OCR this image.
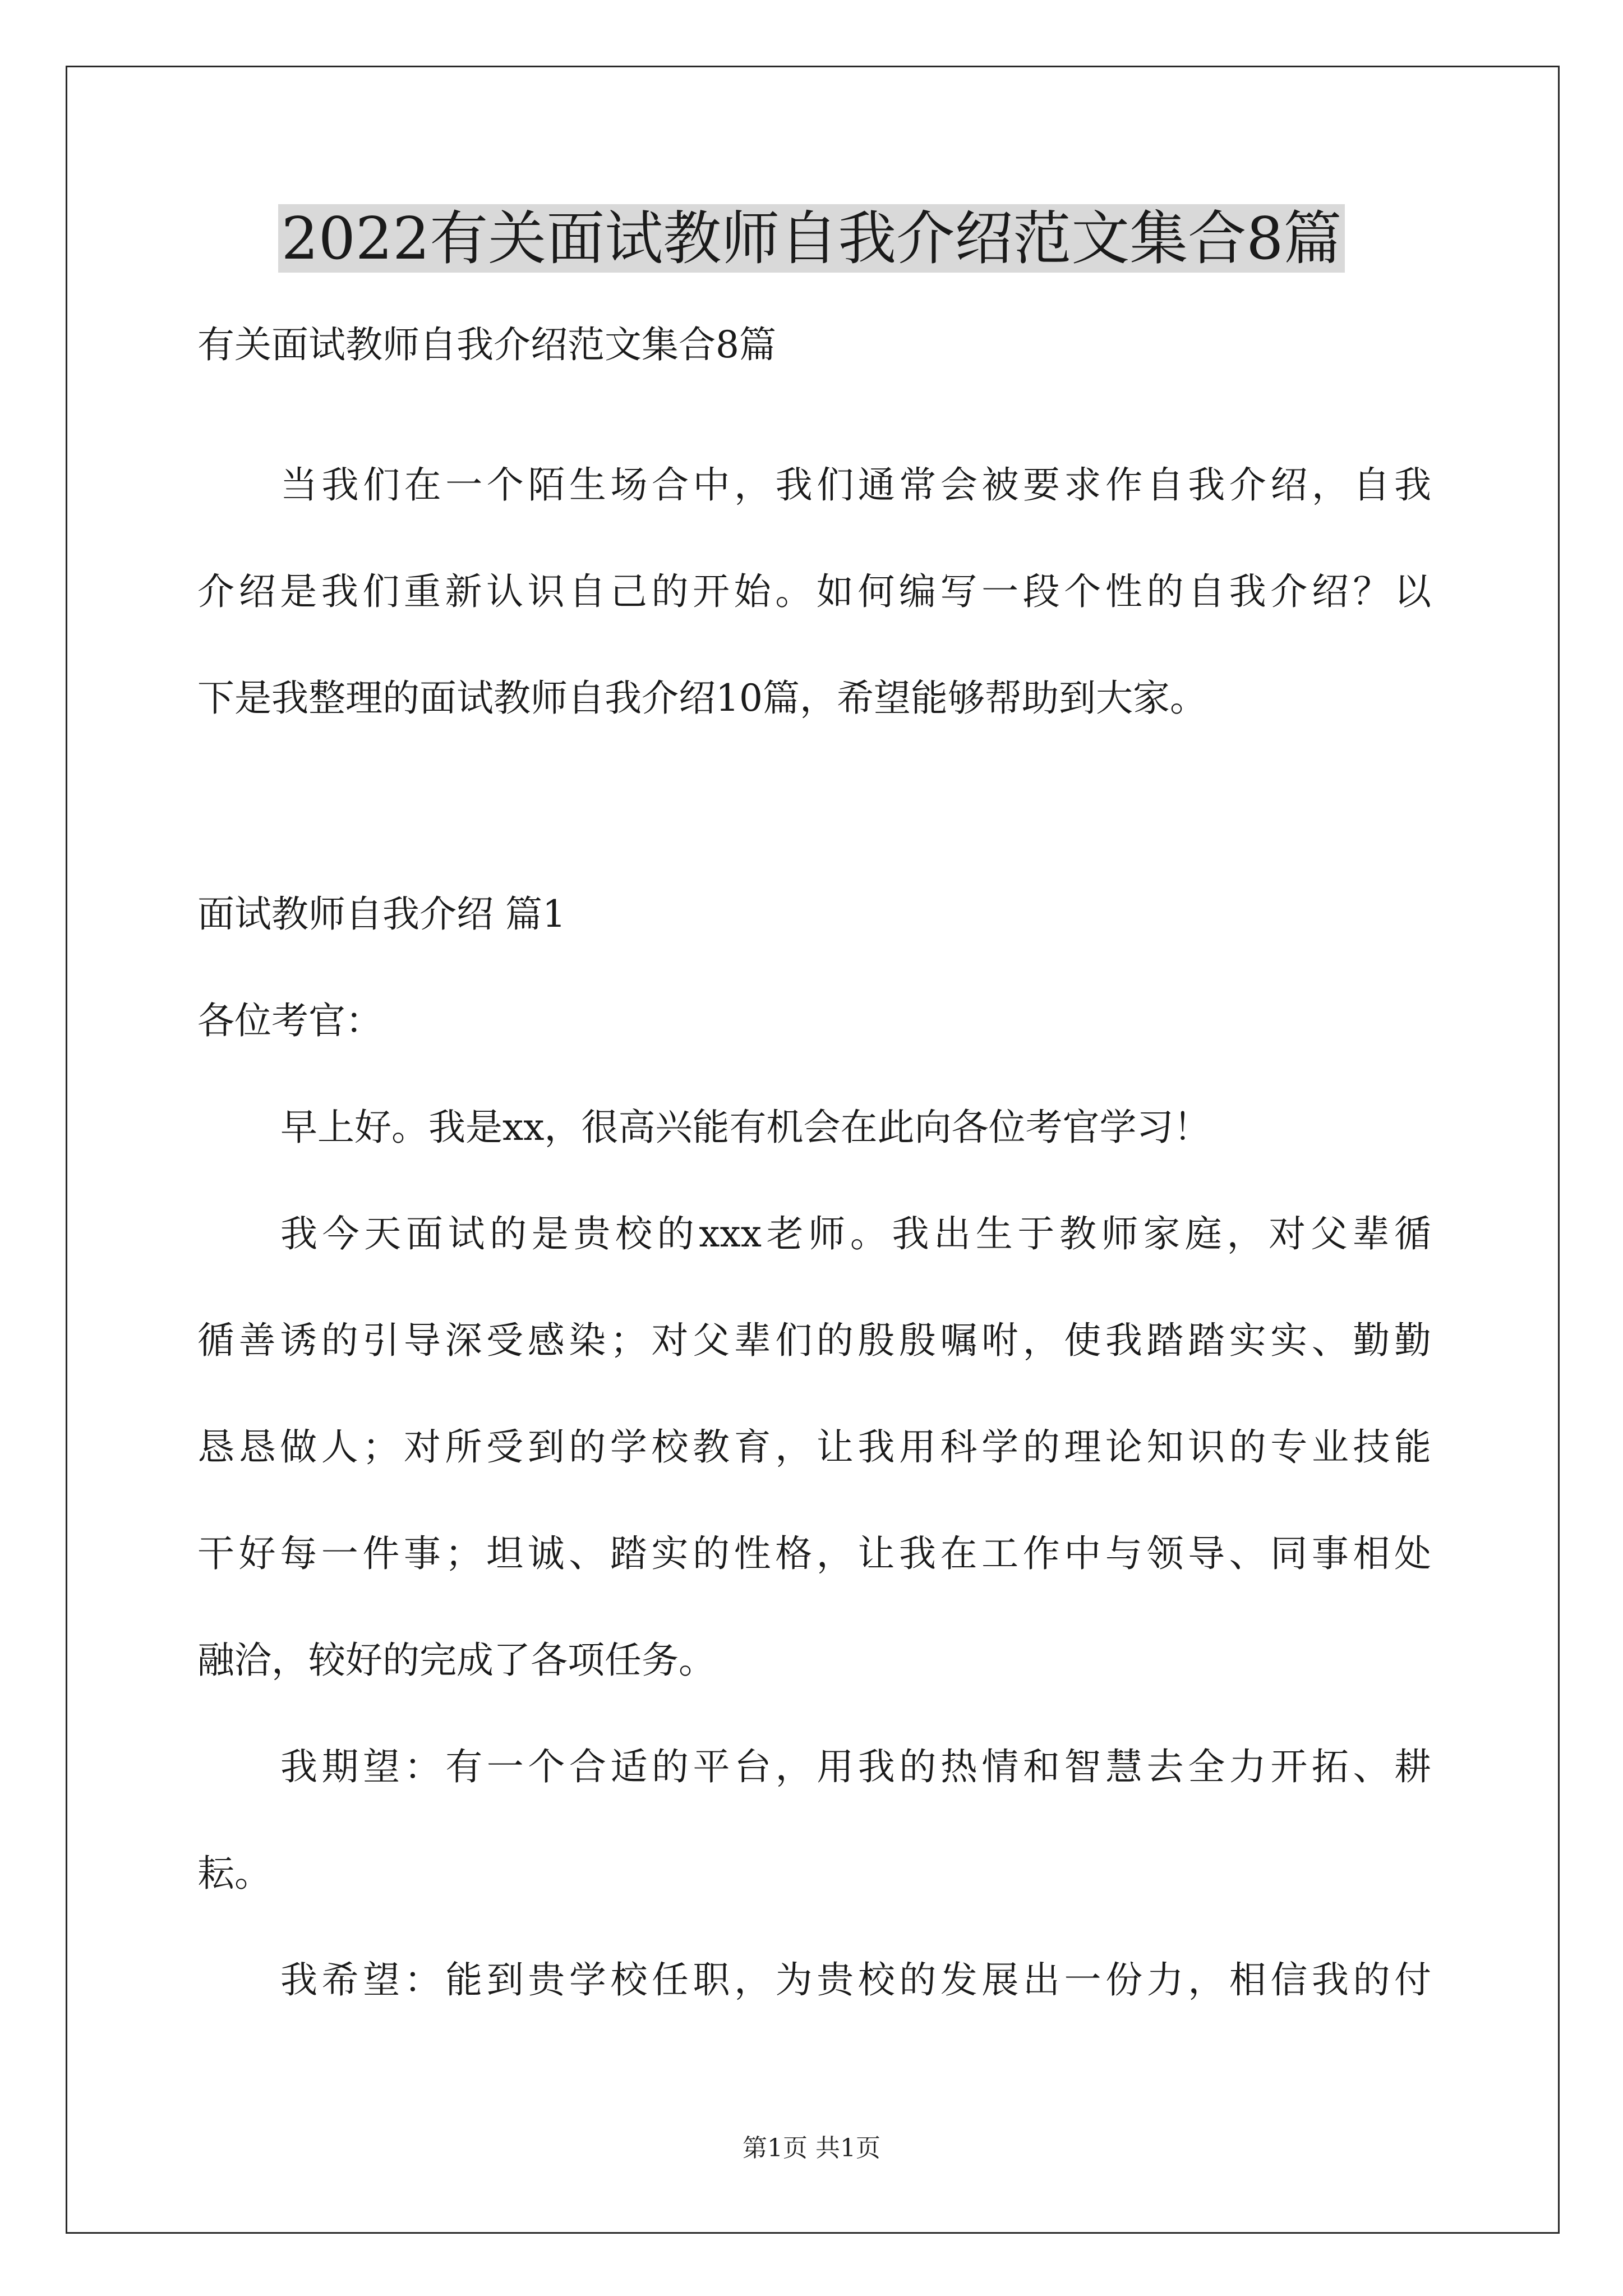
2022有关面试教师自我介绍范文集合8篇
有关面试教师自我介绍范文集合8篇
当我们在一个陌生场合中，我们通常会被要求作自我介绍，自我
介绍是我们重新认识自己的开始。如何编写一段个性的自我介绍？以
下是我整理的面试教师自我介绍10篇，希望能够帮助到大家。
面试教师自我介绍 篇1
各位考官：
早上好。我是xx，很高兴能有机会在此向各位考官学习！
我今天面试的是贵校的xxx老师。我出生于教师家庭，对父辈循
循善诱的引导深受感染；对父辈们的殷殷嘱咐，使我踏踏实实、勤勤
恳恳做人；对所受到的学校教育，让我用科学的理论知识的专业技能
干好每一件事；坦诚、踏实的性格，让我在工作中与领导、同事相处
融洽，较好的完成了各项任务。
我期望：有一个合适的平台，用我的热情和智慧去全力开拓、耕
耘。
我希望：能到贵学校任职，为贵校的发展出一份力，相信我的付
第1页 共1页
